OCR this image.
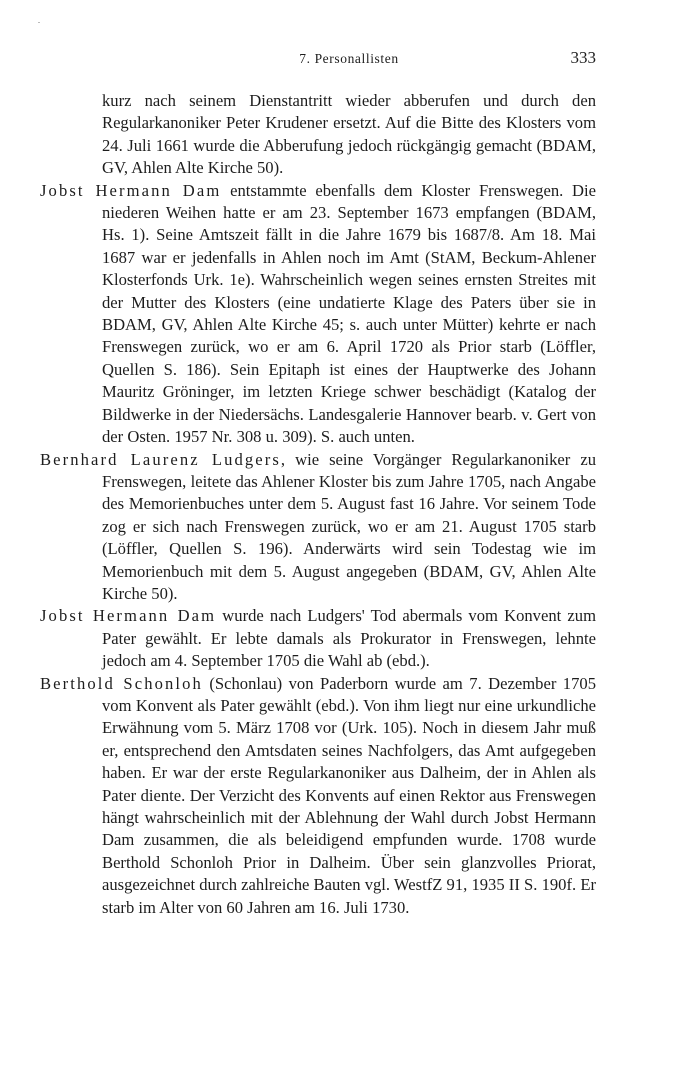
7. Personallisten	333

kurz nach seinem Dienstantritt wieder abberufen und durch den Regularkanoniker Peter Krudener ersetzt. Auf die Bitte des Klosters vom 24. Juli 1661 wurde die Abberufung jedoch rückgängig gemacht (BDAM, GV, Ahlen Alte Kirche 50).

Jobst Hermann Dam entstammte ebenfalls dem Kloster Frenswegen. Die niederen Weihen hatte er am 23. September 1673 empfangen (BDAM, Hs. 1). Seine Amtszeit fällt in die Jahre 1679 bis 1687/8. Am 18. Mai 1687 war er jedenfalls in Ahlen noch im Amt (StAM, Beckum-Ahlener Klosterfonds Urk. 1e). Wahrscheinlich wegen seines ernsten Streites mit der Mutter des Klosters (eine undatierte Klage des Paters über sie in BDAM, GV, Ahlen Alte Kirche 45; s. auch unter Mütter) kehrte er nach Frenswegen zurück, wo er am 6. April 1720 als Prior starb (Löffler, Quellen S. 186). Sein Epitaph ist eines der Hauptwerke des Johann Mauritz Gröninger, im letzten Kriege schwer beschädigt (Katalog der Bildwerke in der Niedersächs. Landesgalerie Hannover bearb. v. Gert von der Osten. 1957 Nr. 308 u. 309). S. auch unten.

Bernhard Laurenz Ludgers, wie seine Vorgänger Regularkanoniker zu Frenswegen, leitete das Ahlener Kloster bis zum Jahre 1705, nach Angabe des Memorienbuches unter dem 5. August fast 16 Jahre. Vor seinem Tode zog er sich nach Frenswegen zurück, wo er am 21. August 1705 starb (Löffler, Quellen S. 196). Anderwärts wird sein Todestag wie im Memorienbuch mit dem 5. August angegeben (BDAM, GV, Ahlen Alte Kirche 50).

Jobst Hermann Dam wurde nach Ludgers' Tod abermals vom Konvent zum Pater gewählt. Er lebte damals als Prokurator in Frenswegen, lehnte jedoch am 4. September 1705 die Wahl ab (ebd.).

Berthold Schonloh (Schonlau) von Paderborn wurde am 7. Dezember 1705 vom Konvent als Pater gewählt (ebd.). Von ihm liegt nur eine urkundliche Erwähnung vom 5. März 1708 vor (Urk. 105). Noch in diesem Jahr muß er, entsprechend den Amtsdaten seines Nachfolgers, das Amt aufgegeben haben. Er war der erste Regularkanoniker aus Dalheim, der in Ahlen als Pater diente. Der Verzicht des Konvents auf einen Rektor aus Frenswegen hängt wahrscheinlich mit der Ablehnung der Wahl durch Jobst Hermann Dam zusammen, die als beleidigend empfunden wurde. 1708 wurde Berthold Schonloh Prior in Dalheim. Über sein glanzvolles Priorat, ausgezeichnet durch zahlreiche Bauten vgl. WestfZ 91, 1935 II S. 190f. Er starb im Alter von 60 Jahren am 16. Juli 1730.
